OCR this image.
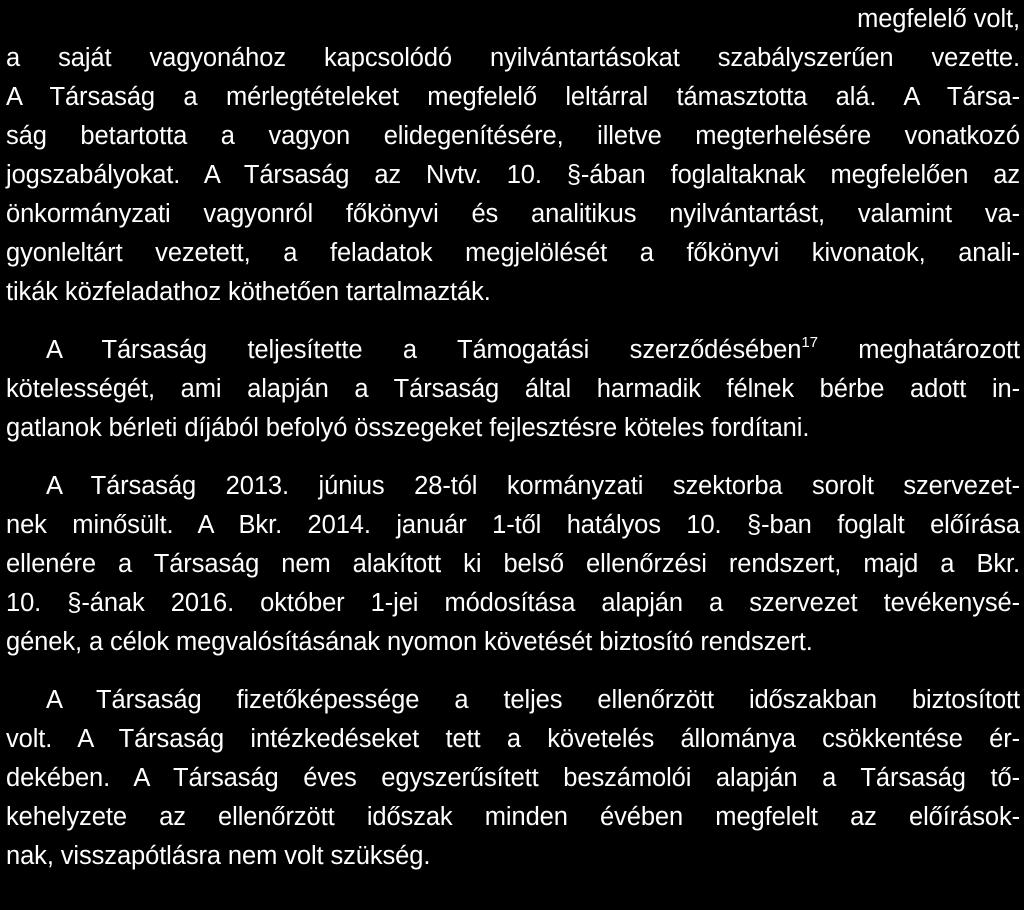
megfelelő volt,
a saját vagyonához kapcsolódó nyilvántartásokat szabályszerűen vezette.
A Társaság a mérlegtételeket megfelelő leltárral támasztotta alá. A Társa-
ság betartotta a vagyon elidegenítésére, illetve megterhelésére vonatkozó
jogszabályokat. A Társaság az Nvtv. 10. §-ában foglaltaknak megfelelően az
önkormányzati vagyonról főkönyvi és analitikus nyilvántartást, valamint va-
gyonleltárt vezetett, a feladatok megjelölését a főkönyvi kivonatok, anali-
tikák közfeladathoz köthetően tartalmazták.
A Társaság teljesítette a Támogatási szerződésében$^{17}$ meghatározott
kötelességét, ami alapján a Társaság által harmadik félnek bérbe adott in-
gatlanok bérleti díjából befolyó összegeket fejlesztésre köteles fordítani.
A Társaság 2013. június 28-tól kormányzati szektorba sorolt szervezet-
nek minősült. A Bkr. 2014. január 1-től hatályos 10. §-ban foglalt előírása
ellenére a Társaság nem alakított ki belső ellenőrzési rendszert, majd a Bkr.
10. §-ának 2016. október 1-jei módosítása alapján a szervezet tevékenysé-
gének, a célok megvalósításának nyomon követését biztosító rendszert.
A Társaság fizetőképessége a teljes ellenőrzött időszakban biztosított
volt. A Társaság intézkedéseket tett a követelés állománya csökkentése ér-
dekében. A Társaság éves egyszerűsített beszámolói alapján a Társaság tő-
kehelyzete az ellenőrzött időszak minden évében megfelelt az előírások-
nak, visszapótlásra nem volt szükség.
